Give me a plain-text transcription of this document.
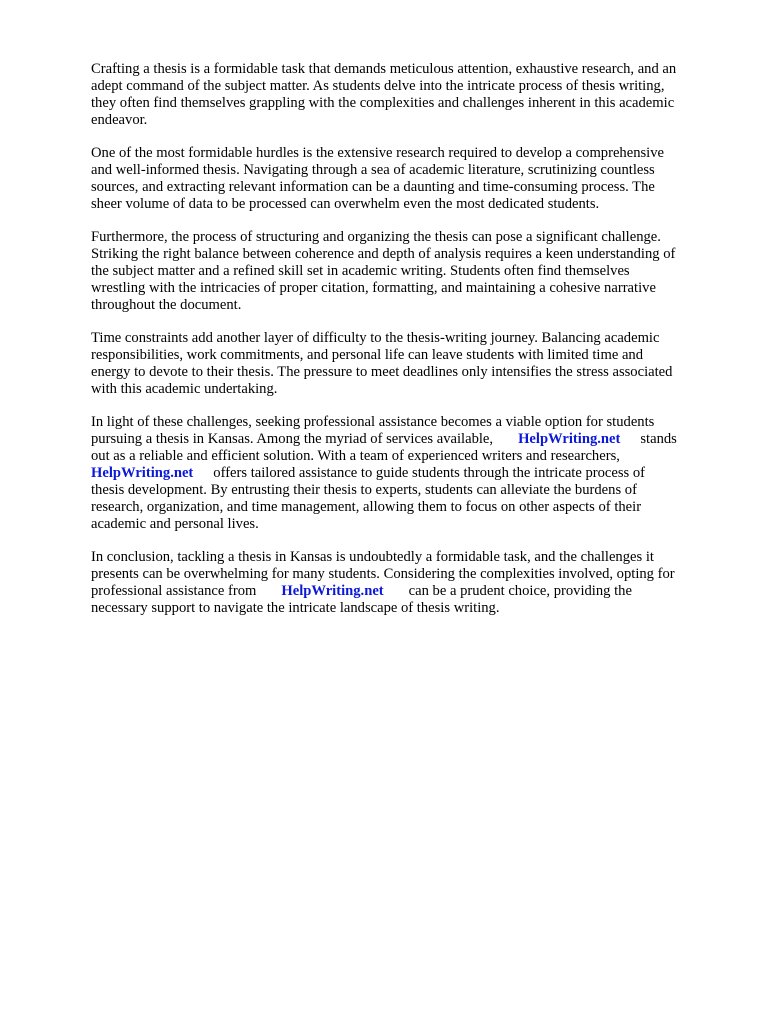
Crafting a thesis is a formidable task that demands meticulous attention, exhaustive research, and an
adept command of the subject matter. As students delve into the intricate process of thesis writing,
they often find themselves grappling with the complexities and challenges inherent in this academic
endeavor.

One of the most formidable hurdles is the extensive research required to develop a comprehensive
and well-informed thesis. Navigating through a sea of academic literature, scrutinizing countless
sources, and extracting relevant information can be a daunting and time-consuming process. The
sheer volume of data to be processed can overwhelm even the most dedicated students.

Furthermore, the process of structuring and organizing the thesis can pose a significant challenge.
Striking the right balance between coherence and depth of analysis requires a keen understanding of
the subject matter and a refined skill set in academic writing. Students often find themselves
wrestling with the intricacies of proper citation, formatting, and maintaining a cohesive narrative
throughout the document.

Time constraints add another layer of difficulty to the thesis-writing journey. Balancing academic
responsibilities, work commitments, and personal life can leave students with limited time and
energy to devote to their thesis. The pressure to meet deadlines only intensifies the stress associated
with this academic undertaking.

In light of these challenges, seeking professional assistance becomes a viable option for students
pursuing a thesis in Kansas. Among the myriad of services available, HelpWriting.net stands
out as a reliable and efficient solution. With a team of experienced writers and researchers,
HelpWriting.net offers tailored assistance to guide students through the intricate process of
thesis development. By entrusting their thesis to experts, students can alleviate the burdens of
research, organization, and time management, allowing them to focus on other aspects of their
academic and personal lives.

In conclusion, tackling a thesis in Kansas is undoubtedly a formidable task, and the challenges it
presents can be overwhelming for many students. Considering the complexities involved, opting for
professional assistance from HelpWriting.net can be a prudent choice, providing the
necessary support to navigate the intricate landscape of thesis writing.
